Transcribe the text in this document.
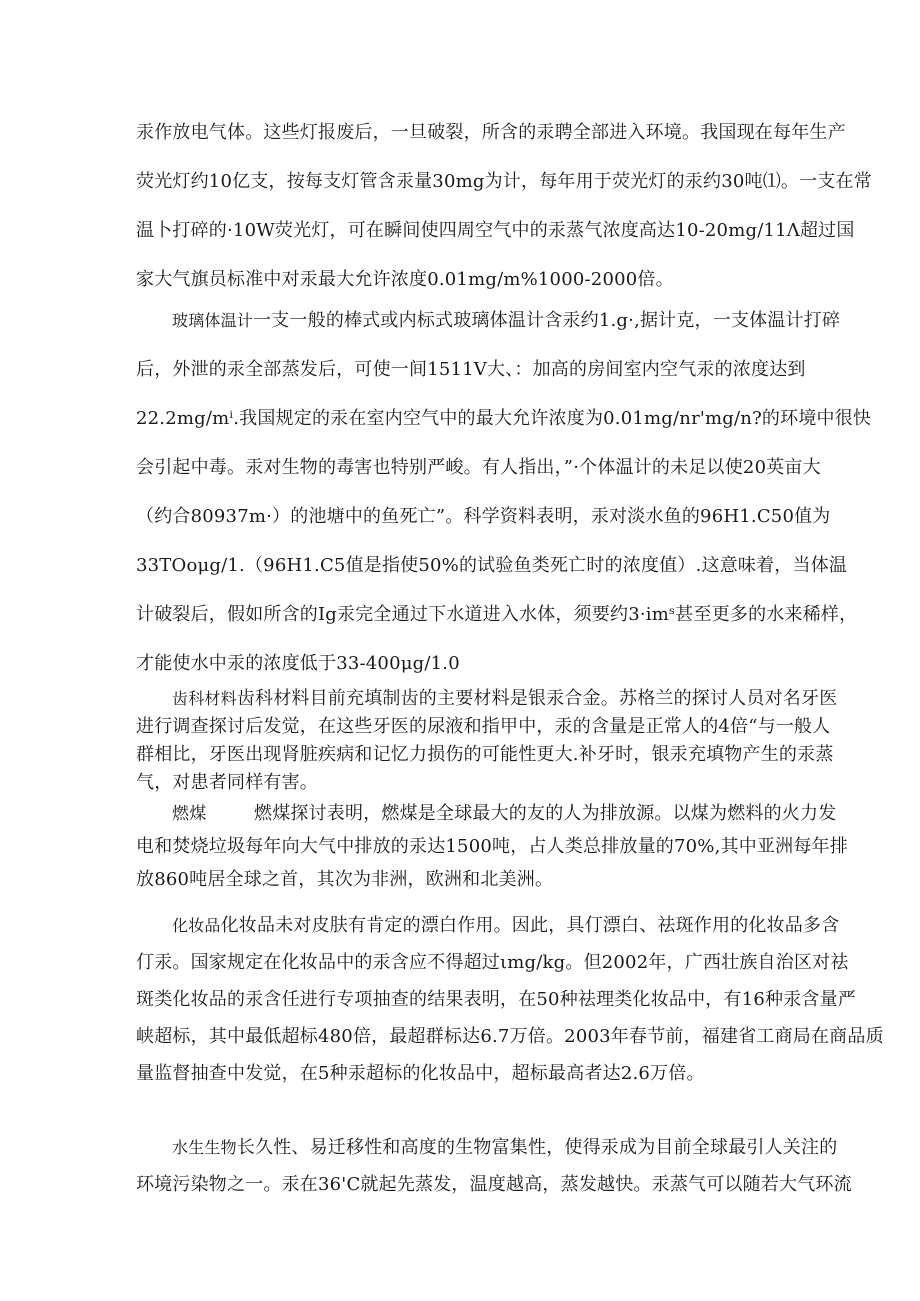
汞作放电气体。这些灯报废后，一旦破裂，所含的汞聘全部进入环境。我国现在每年生产
荧光灯约10亿支，按每支灯管含汞量30mg为计，每年用于荧光灯的汞约30吨⑴。一支在常
温卜打碎的·10W荧光灯，可在瞬间使四周空气中的汞蒸气浓度高达10-20mg∕11Λ超过国
家大气旗员标准中对汞最大允许浓度0.01mg∕m%1000-2000倍。
玻璃体温计一支一般的棒式或内标式玻璃体温计含汞约1.g·,据计克，一支体温计打碎
后，外泄的汞全部蒸发后，可使一间1511V大、：加高的房间室内空气汞的浓度达到
22.2mg∕mⁱ.我国规定的汞在室内空气中的最大允许浓度为0.01mg/nr'mg/n?的环境中很快
会引起中毒。汞对生物的毒害也特别严峻。有人指出，”·个体温计的未足以使20英亩大
（约合80937m·）的池塘中的鱼死亡”。科学资料表明，汞对淡水鱼的96H1.C50值为
33TOoμg∕1.（96H1.C5值是指使50%的试验鱼类死亡时的浓度值）.这意味着，当体温
计破裂后，假如所含的Ig汞完全通过下水道进入水体，须要约3·imˢ甚至更多的水来稀样，
才能使水中汞的浓度低于33-400μg∕1.0
齿科材料齿科材料目前充填制齿的主要材料是银汞合金。苏格兰的探讨人员对名牙医
进行调查探讨后发觉，在这些牙医的尿液和指甲中，汞的含量是正常人的4倍“与一般人
群相比，牙医出现肾脏疾病和记忆力损伤的可能性更大.补牙时，银汞充填物产生的汞蒸
气，对患者同样有害。
燃煤	燃煤探讨表明，燃煤是全球最大的友的人为排放源。以煤为燃料的火力发
电和焚烧垃圾每年向大气中排放的汞达1500吨，占人类总排放量的70%,其中亚洲每年排
放860吨居全球之首，其次为非洲，欧洲和北美洲。
化妆品化妆品未对皮肤有肯定的漂白作用。因此，具仃漂白、祛斑作用的化妆品多含
仃汞。国家规定在化妆品中的汞含应不得超过ιmg∕kg。但2002年，广西壮族自治区对祛
斑类化妆品的汞含任进行专项抽查的结果表明，在50种祛理类化妆品中，有16种汞含量严
峡超标，其中最低超标480倍，最超群标达6.7万倍。2003年春节前，福建省工商局在商品质
量监督抽查中发觉，在5种汞超标的化妆品中，超标最高者达2.6万倍。
水生生物长久性、易迁移性和高度的生物富集性，使得汞成为目前全球最引人关注的
环境污染物之一。汞在36'C就起先蒸发，温度越高，蒸发越快。汞蒸气可以随若大气环流
